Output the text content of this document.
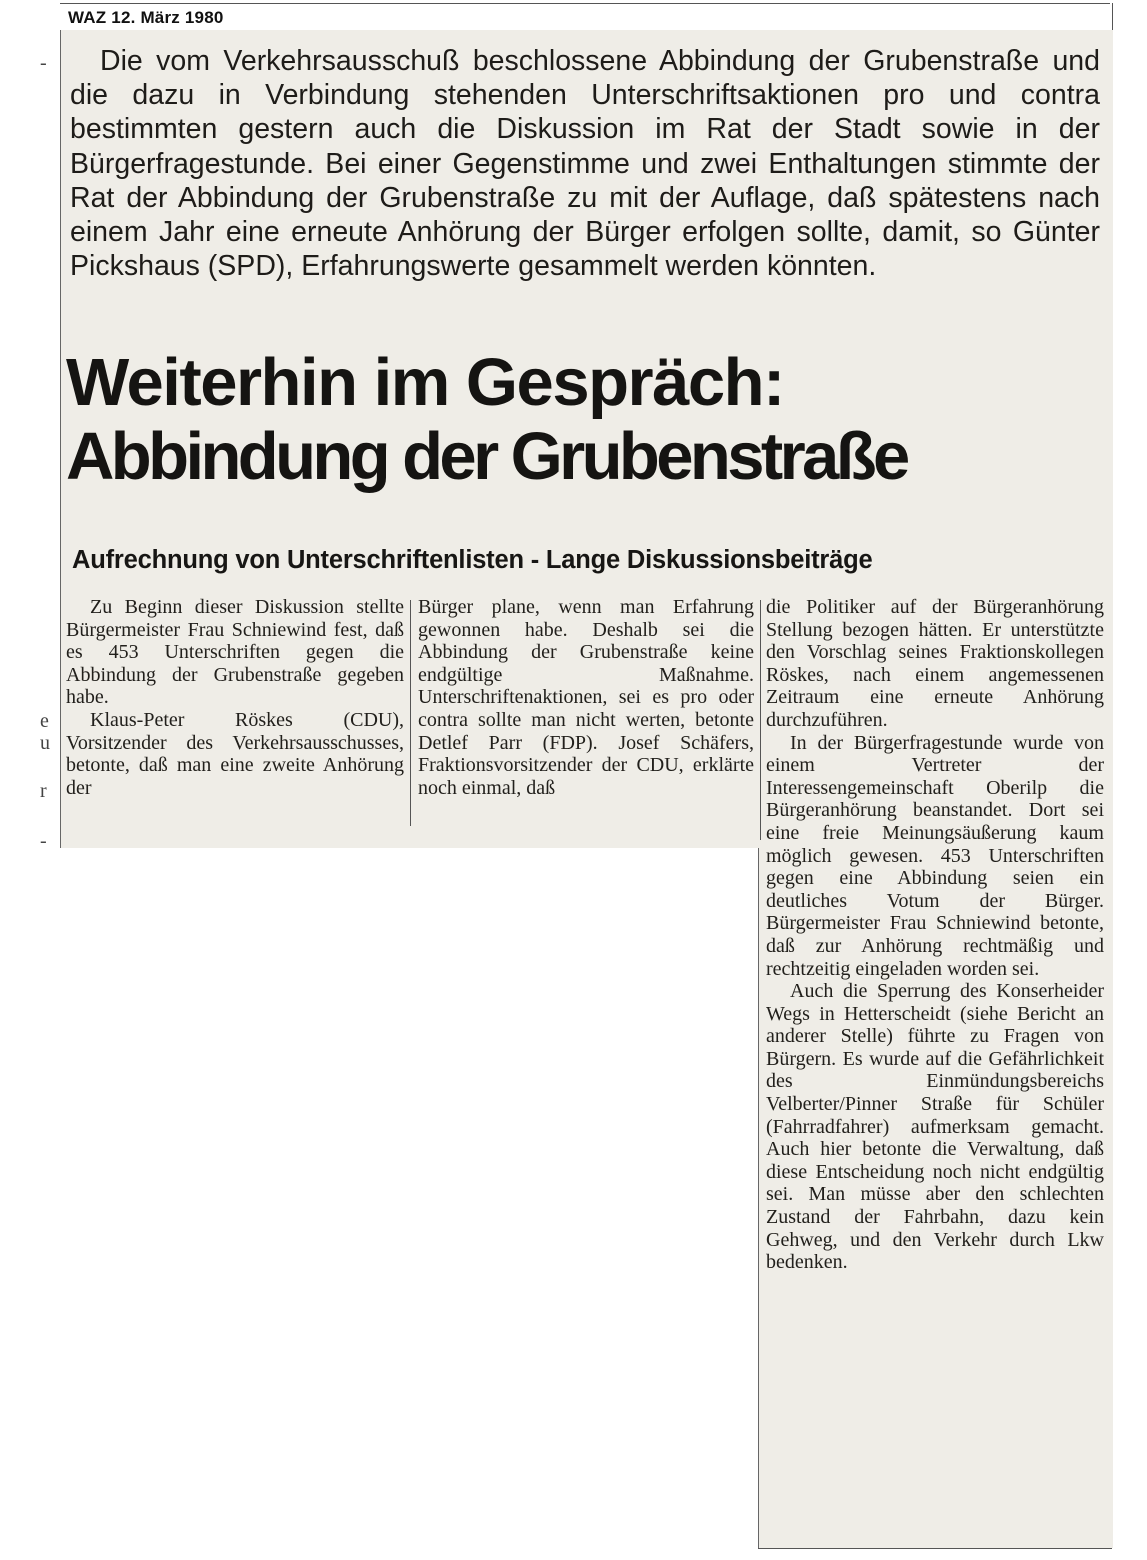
WAZ 12. März 1980
-
e
u
r
-

Die vom Verkehrsausschuß beschlossene Abbindung der Grubenstraße und die dazu in Verbindung stehenden Unterschriftsaktionen pro und contra bestimmten gestern auch die Diskussion im Rat der Stadt sowie in der Bürgerfragestunde. Bei einer Gegenstimme und zwei Enthaltungen stimmte der Rat der Abbindung der Grubenstraße zu mit der Auflage, daß spätestens nach einem Jahr eine erneute Anhörung der Bürger erfolgen sollte, damit, so Günter Pickshaus (SPD), Erfahrungswerte gesammelt werden könnten.

Weiterhin im Gespräch:
Abbindung der Grubenstraße
Aufrechnung von Unterschriftenlisten - Lange Diskussionsbeiträge

Zu Beginn dieser Diskussion stellte Bürgermeister Frau Schniewind fest, daß es 453 Unterschriften gegen die Abbindung der Grubenstraße gegeben habe.

Klaus-Peter Röskes (CDU), Vorsitzender des Verkehrsausschusses, betonte, daß man eine zweite Anhörung der

Bürger plane, wenn man Erfahrung gewonnen habe. Deshalb sei die Abbindung der Grubenstraße keine endgültige Maßnahme. Unterschriftenaktionen, sei es pro oder contra sollte man nicht werten, betonte Detlef Parr (FDP). Josef Schäfers, Fraktionsvorsitzender der CDU, erklärte noch einmal, daß

die Politiker auf der Bürgeranhörung Stellung bezogen hätten. Er unterstützte den Vorschlag seines Fraktionskollegen Röskes, nach einem angemessenen Zeitraum eine erneute Anhörung durchzuführen.

In der Bürgerfragestunde wurde von einem Vertreter der Interessengemeinschaft Oberilp die Bürgeranhörung beanstandet. Dort sei eine freie Meinungsäußerung kaum möglich gewesen. 453 Unterschriften gegen eine Abbindung seien ein deutliches Votum der Bürger. Bürgermeister Frau Schniewind betonte, daß zur Anhörung rechtmäßig und rechtzeitig eingeladen worden sei.

Auch die Sperrung des Konserheider Wegs in Hetterscheidt (siehe Bericht an anderer Stelle) führte zu Fragen von Bürgern. Es wurde auf die Gefährlichkeit des Einmündungsbereichs Velberter/Pinner Straße für Schüler (Fahrradfahrer) aufmerksam gemacht. Auch hier betonte die Verwaltung, daß diese Entscheidung noch nicht endgültig sei. Man müsse aber den schlechten Zustand der Fahrbahn, dazu kein Gehweg, und den Verkehr durch Lkw bedenken.
